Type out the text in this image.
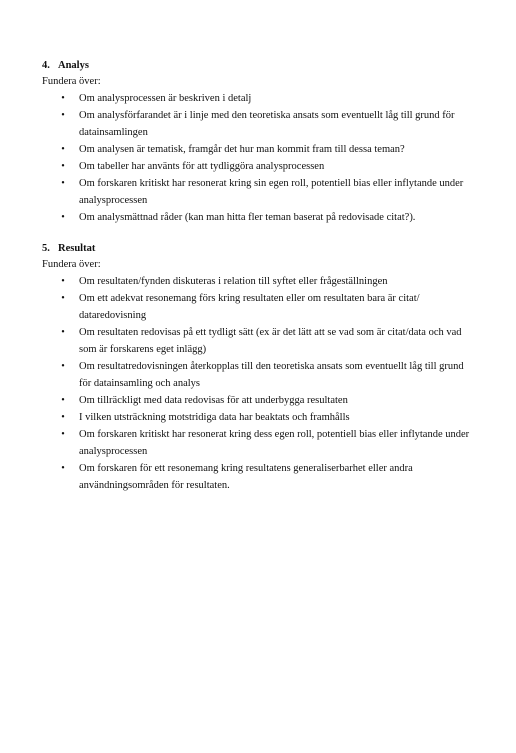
4. Analys
Fundera över:
•	Om analysprocessen är beskriven i detalj
•	Om analysförfarandet är i linje med den teoretiska ansats som eventuellt låg till grund för datainsamlingen
•	Om analysen är tematisk, framgår det hur man kommit fram till dessa teman?
•	Om tabeller har använts för att tydliggöra analysprocessen
•	Om forskaren kritiskt har resonerat kring sin egen roll, potentiell bias eller inflytande under analysprocessen
•	Om analysmättnad råder (kan man hitta fler teman baserat på redovisade citat?).
5. Resultat
Fundera över:
•	Om resultaten/fynden diskuteras i relation till syftet eller frågeställningen
•	Om ett adekvat resonemang förs kring resultaten eller om resultaten bara är citat/ dataredovisning
•	Om resultaten redovisas på ett tydligt sätt (ex är det lätt att se vad som är citat/data och vad som är forskarens eget inlägg)
•	Om resultatredovisningen återkopplas till den teoretiska ansats som eventuellt låg till grund för datainsamling och analys
•	Om tillräckligt med data redovisas för att underbygga resultaten
•	I vilken utsträckning motstridiga data har beaktats och framhålls
•	Om forskaren kritiskt har resonerat kring dess egen roll, potentiell bias eller inflytande under analysprocessen
•	Om forskaren för ett resonemang kring resultatens generaliserbarhet eller andra användningsområden för resultaten.
